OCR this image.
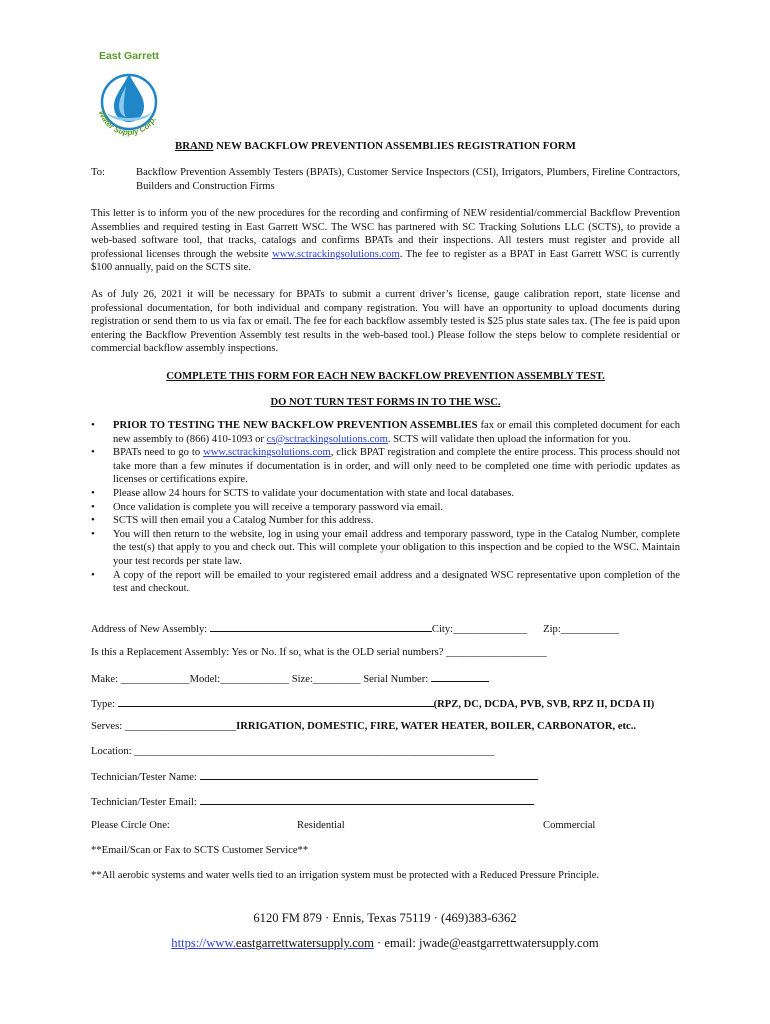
East Garrett
Water Supply Corp.
BRAND NEW BACKFLOW PREVENTION ASSEMBLIES REGISTRATION FORM
To:	Backflow Prevention Assembly Testers (BPATs), Customer Service Inspectors (CSI), Irrigators, Plumbers, Fireline Contractors, Builders and Construction Firms
This letter is to inform you of the new procedures for the recording and confirming of NEW residential/commercial Backflow Prevention Assemblies and required testing in East Garrett WSC. The WSC has partnered with SC Tracking Solutions LLC (SCTS), to provide a web-based software tool, that tracks, catalogs and confirms BPATs and their inspections. All testers must register and provide all professional licenses through the website www.sctrackingsolutions.com. The fee to register as a BPAT in East Garrett WSC is currently $100 annually, paid on the SCTS site.
As of July 26, 2021 it will be necessary for BPATs to submit a current driver’s license, gauge calibration report, state license and professional documentation, for both individual and company registration. You will have an opportunity to upload documents during registration or send them to us via fax or email. The fee for each backflow assembly tested is $25 plus state sales tax. (The fee is paid upon entering the Backflow Prevention Assembly test results in the web-based tool.) Please follow the steps below to complete residential or commercial backflow assembly inspections.
COMPLETE THIS FORM FOR EACH NEW BACKFLOW PREVENTION ASSEMBLY TEST.
DO NOT TURN TEST FORMS IN TO THE WSC.
• PRIOR TO TESTING THE NEW BACKFLOW PREVENTION ASSEMBLIES fax or email this completed document for each new assembly to (866) 410-1093 or cs@sctrackingsolutions.com. SCTS will validate then upload the information for you.
• BPATs need to go to www.sctrackingsolutions.com, click BPAT registration and complete the entire process. This process should not take more than a few minutes if documentation is in order, and will only need to be completed one time with periodic updates as licenses or certifications expire.
• Please allow 24 hours for SCTS to validate your documentation with state and local databases.
• Once validation is complete you will receive a temporary password via email.
• SCTS will then email you a Catalog Number for this address.
• You will then return to the website, log in using your email address and temporary password, type in the Catalog Number, complete the test(s) that apply to you and check out. This will complete your obligation to this inspection and be copied to the WSC. Maintain your test records per state law.
• A copy of the report will be emailed to your registered email address and a designated WSC representative upon completion of the test and checkout.
Address of New Assembly:	City:______________ Zip:___________
Is this a Replacement Assembly: Yes or No. If so, what is the OLD serial numbers? ___________________
Make: _____________Model:_____________ Size:_________ Serial Number:
Type:	(RPZ, DC, DCDA, PVB, SVB, RPZ II, DCDA II)
Serves: _____________________IRRIGATION, DOMESTIC, FIRE, WATER HEATER, BOILER, CARBONATOR, etc..
Location: ____________________________________________________________________
Technician/Tester Name:
Technician/Tester Email:
Please Circle One:	Residential	Commercial
**Email/Scan or Fax to SCTS Customer Service**
**All aerobic systems and water wells tied to an irrigation system must be protected with a Reduced Pressure Principle.
6120 FM 879 · Ennis, Texas 75119 · (469)383-6362
https://www.eastgarrettwatersupply.com · email: jwade@eastgarrettwatersupply.com
